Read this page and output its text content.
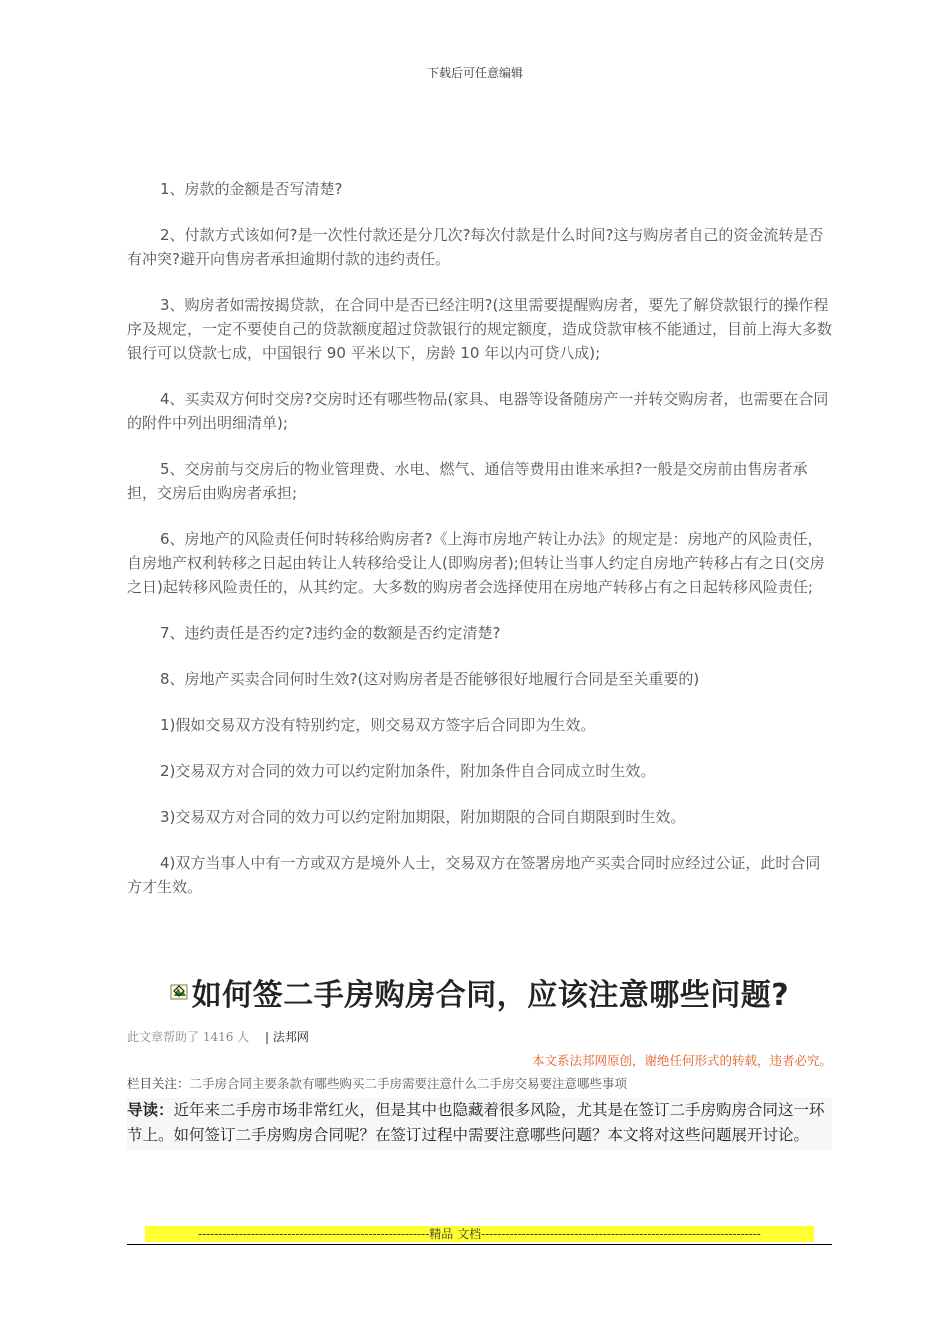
下载后可任意编辑

1、房款的金额是否写清楚?

2、付款方式该如何?是一次性付款还是分几次?每次付款是什么时间?这与购房者自己的资金流转是否有冲突?避开向售房者承担逾期付款的违约责任。

3、购房者如需按揭贷款，在合同中是否已经注明?(这里需要提醒购房者，要先了解贷款银行的操作程序及规定，一定不要使自己的贷款额度超过贷款银行的规定额度，造成贷款审核不能通过，目前上海大多数银行可以贷款七成，中国银行 90 平米以下，房龄 10 年以内可贷八成);

4、买卖双方何时交房?交房时还有哪些物品(家具、电器等设备随房产一并转交购房者，也需要在合同的附件中列出明细清单);

5、交房前与交房后的物业管理费、水电、燃气、通信等费用由谁来承担?一般是交房前由售房者承担，交房后由购房者承担;

6、房地产的风险责任何时转移给购房者?《上海市房地产转让办法》的规定是：房地产的风险责任，自房地产权利转移之日起由转让人转移给受让人(即购房者);但转让当事人约定自房地产转移占有之日(交房之日)起转移风险责任的，从其约定。大多数的购房者会选择使用在房地产转移占有之日起转移风险责任;

7、违约责任是否约定?违约金的数额是否约定清楚?

8、房地产买卖合同何时生效?(这对购房者是否能够很好地履行合同是至关重要的)

1)假如交易双方没有特别约定，则交易双方签字后合同即为生效。

2)交易双方对合同的效力可以约定附加条件，附加条件自合同成立时生效。

3)交易双方对合同的效力可以约定附加期限，附加期限的合同自期限到时生效。

4)双方当事人中有一方或双方是境外人士，交易双方在签署房地产买卖合同时应经过公证，此时合同方才生效。

如何签二手房购房合同，应该注意哪些问题?
此文章帮助了 1416 人 | 法邦网
本文系法邦网原创，谢绝任何形式的转载，违者必究。
栏目关注：二手房合同主要条款有哪些购买二手房需要注意什么二手房交易要注意哪些事项
导读：近年来二手房市场非常红火，但是其中也隐藏着很多风险，尤其是在签订二手房购房合同这一环节上。如何签订二手房购房合同呢？在签订过程中需要注意哪些问题？本文将对这些问题展开讨论。
---------------------------------------------------------精品 文档---------------------------------------------------------------------
